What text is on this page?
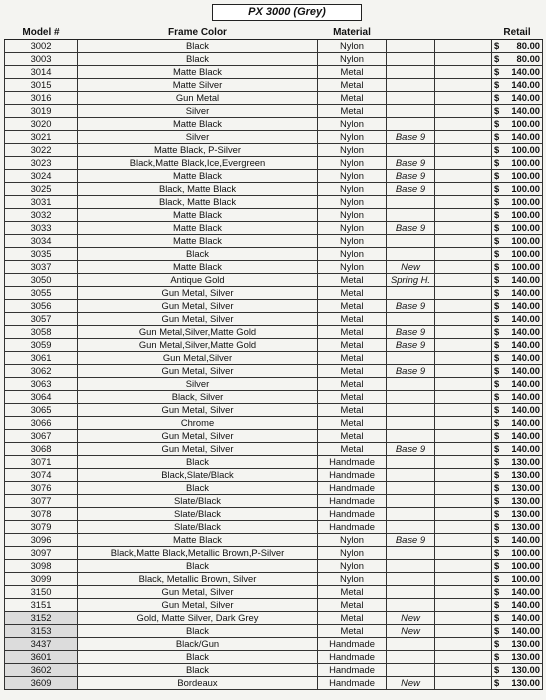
PX 3000 (Grey)
Model #	Frame Color	Material			Retail
3002	Black	Nylon			$ 80.00

3003	Black	Nylon			$ 80.00

3014	Matte Black	Metal			$ 140.00

3015	Matte Silver	Metal			$ 140.00

3016	Gun Metal	Metal			$ 140.00

3019	Silver	Metal			$ 140.00

3020	Matte Black	Nylon			$ 100.00

3021	Silver	Nylon	Base 9		$ 140.00

3022	Matte Black, P-Silver	Nylon			$ 100.00

3023	Black,Matte Black,Ice,Evergreen	Nylon	Base 9		$ 100.00

3024	Matte Black	Nylon	Base 9		$ 100.00

3025	Black, Matte Black	Nylon	Base 9		$ 100.00

3031	Black, Matte Black	Nylon			$ 100.00

3032	Matte Black	Nylon			$ 100.00

3033	Matte Black	Nylon	Base 9		$ 100.00

3034	Matte Black	Nylon			$ 100.00

3035	Black	Nylon			$ 100.00

3037	Matte Black	Nylon	New		$ 100.00

3050	Antique Gold	Metal	Spring H.		$ 140.00

3055	Gun Metal, Silver	Metal			$ 140.00

3056	Gun Metal, Silver	Metal	Base 9		$ 140.00

3057	Gun Metal, Silver	Metal			$ 140.00

3058	Gun Metal,Silver,Matte Gold	Metal	Base 9		$ 140.00

3059	Gun Metal,Silver,Matte Gold	Metal	Base 9		$ 140.00

3061	Gun Metal,Silver	Metal			$ 140.00

3062	Gun Metal, Silver	Metal	Base 9		$ 140.00

3063	Silver	Metal			$ 140.00

3064	Black, Silver	Metal			$ 140.00

3065	Gun Metal, Silver	Metal			$ 140.00

3066	Chrome	Metal			$ 140.00

3067	Gun Metal, Silver	Metal			$ 140.00

3068	Gun Metal, Silver	Metal	Base 9		$ 140.00

3071	Black	Handmade			$ 130.00

3074	Black,Slate/Black	Handmade			$ 130.00

3076	Black	Handmade			$ 130.00

3077	Slate/Black	Handmade			$ 130.00

3078	Slate/Black	Handmade			$ 130.00

3079	Slate/Black	Handmade			$ 130.00

3096	Matte Black	Nylon	Base 9		$ 140.00

3097	Black,Matte Black,Metallic Brown,P-Silver	Nylon			$ 100.00

3098	Black	Nylon			$ 100.00

3099	Black, Metallic Brown, Silver	Nylon			$ 100.00

3150	Gun Metal, Silver	Metal			$ 140.00

3151	Gun Metal, Silver	Metal			$ 140.00

3152	Gold, Matte Silver, Dark Grey	Metal	New		$ 140.00

3153	Black	Metal	New		$ 140.00

3437	Black/Gun	Handmade			$ 130.00

3601	Black	Handmade			$ 130.00

3602	Black	Handmade			$ 130.00

3609	Bordeaux	Handmade	New		$ 130.00
